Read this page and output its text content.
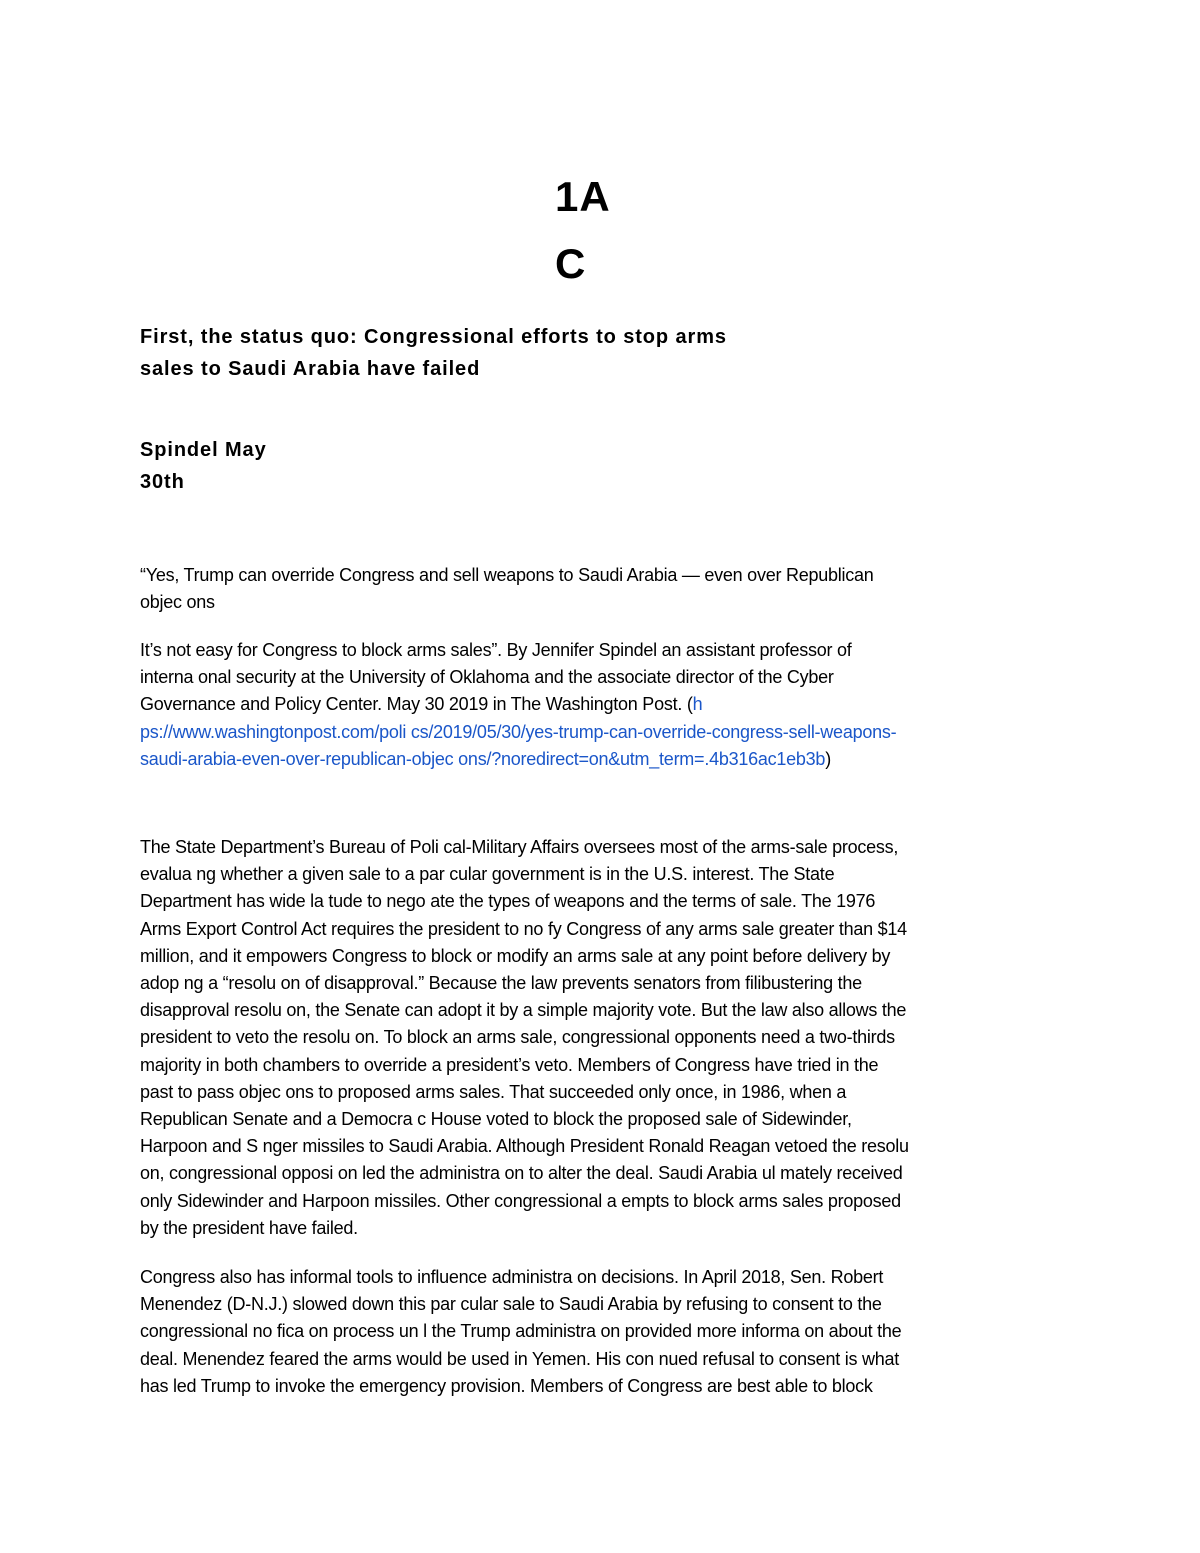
1A
C
First, the status quo: Congressional efforts to stop arms
sales to Saudi Arabia have failed
Spindel May
30th
“Yes, Trump can override Congress and sell weapons to Saudi Arabia — even over Republican
objec ons
It’s not easy for Congress to block arms sales”. By Jennifer Spindel an assistant professor of
interna onal security at the University of Oklahoma and the associate director of the Cyber
Governance and Policy Center. May 30 2019 in The Washington Post. (h
ps://www.washingtonpost.com/poli cs/2019/05/30/yes-trump-can-override-congress-sell-weapons-
saudi-arabia-even-over-republican-objec ons/?noredirect=on&utm_term=.4b316ac1eb3b)
The State Department’s Bureau of Poli cal-Military Affairs oversees most of the arms-sale process,
evalua ng whether a given sale to a par cular government is in the U.S. interest. The State
Department has wide la tude to nego ate the types of weapons and the terms of sale. The 1976
Arms Export Control Act requires the president to no fy Congress of any arms sale greater than $14
million, and it empowers Congress to block or modify an arms sale at any point before delivery by
adop ng a “resolu on of disapproval.” Because the law prevents senators from filibustering the
disapproval resolu on, the Senate can adopt it by a simple majority vote. But the law also allows the
president to veto the resolu on. To block an arms sale, congressional opponents need a two-thirds
majority in both chambers to override a president’s veto. Members of Congress have tried in the
past to pass objec ons to proposed arms sales. That succeeded only once, in 1986, when a
Republican Senate and a Democra c House voted to block the proposed sale of Sidewinder,
Harpoon and S nger missiles to Saudi Arabia. Although President Ronald Reagan vetoed the resolu
on, congressional opposi on led the administra on to alter the deal. Saudi Arabia ul mately received
only Sidewinder and Harpoon missiles. Other congressional a empts to block arms sales proposed
by the president have failed.
Congress also has informal tools to influence administra on decisions. In April 2018, Sen. Robert
Menendez (D-N.J.) slowed down this par cular sale to Saudi Arabia by refusing to consent to the
congressional no fica on process un l the Trump administra on provided more informa on about the
deal. Menendez feared the arms would be used in Yemen. His con nued refusal to consent is what
has led Trump to invoke the emergency provision. Members of Congress are best able to block
